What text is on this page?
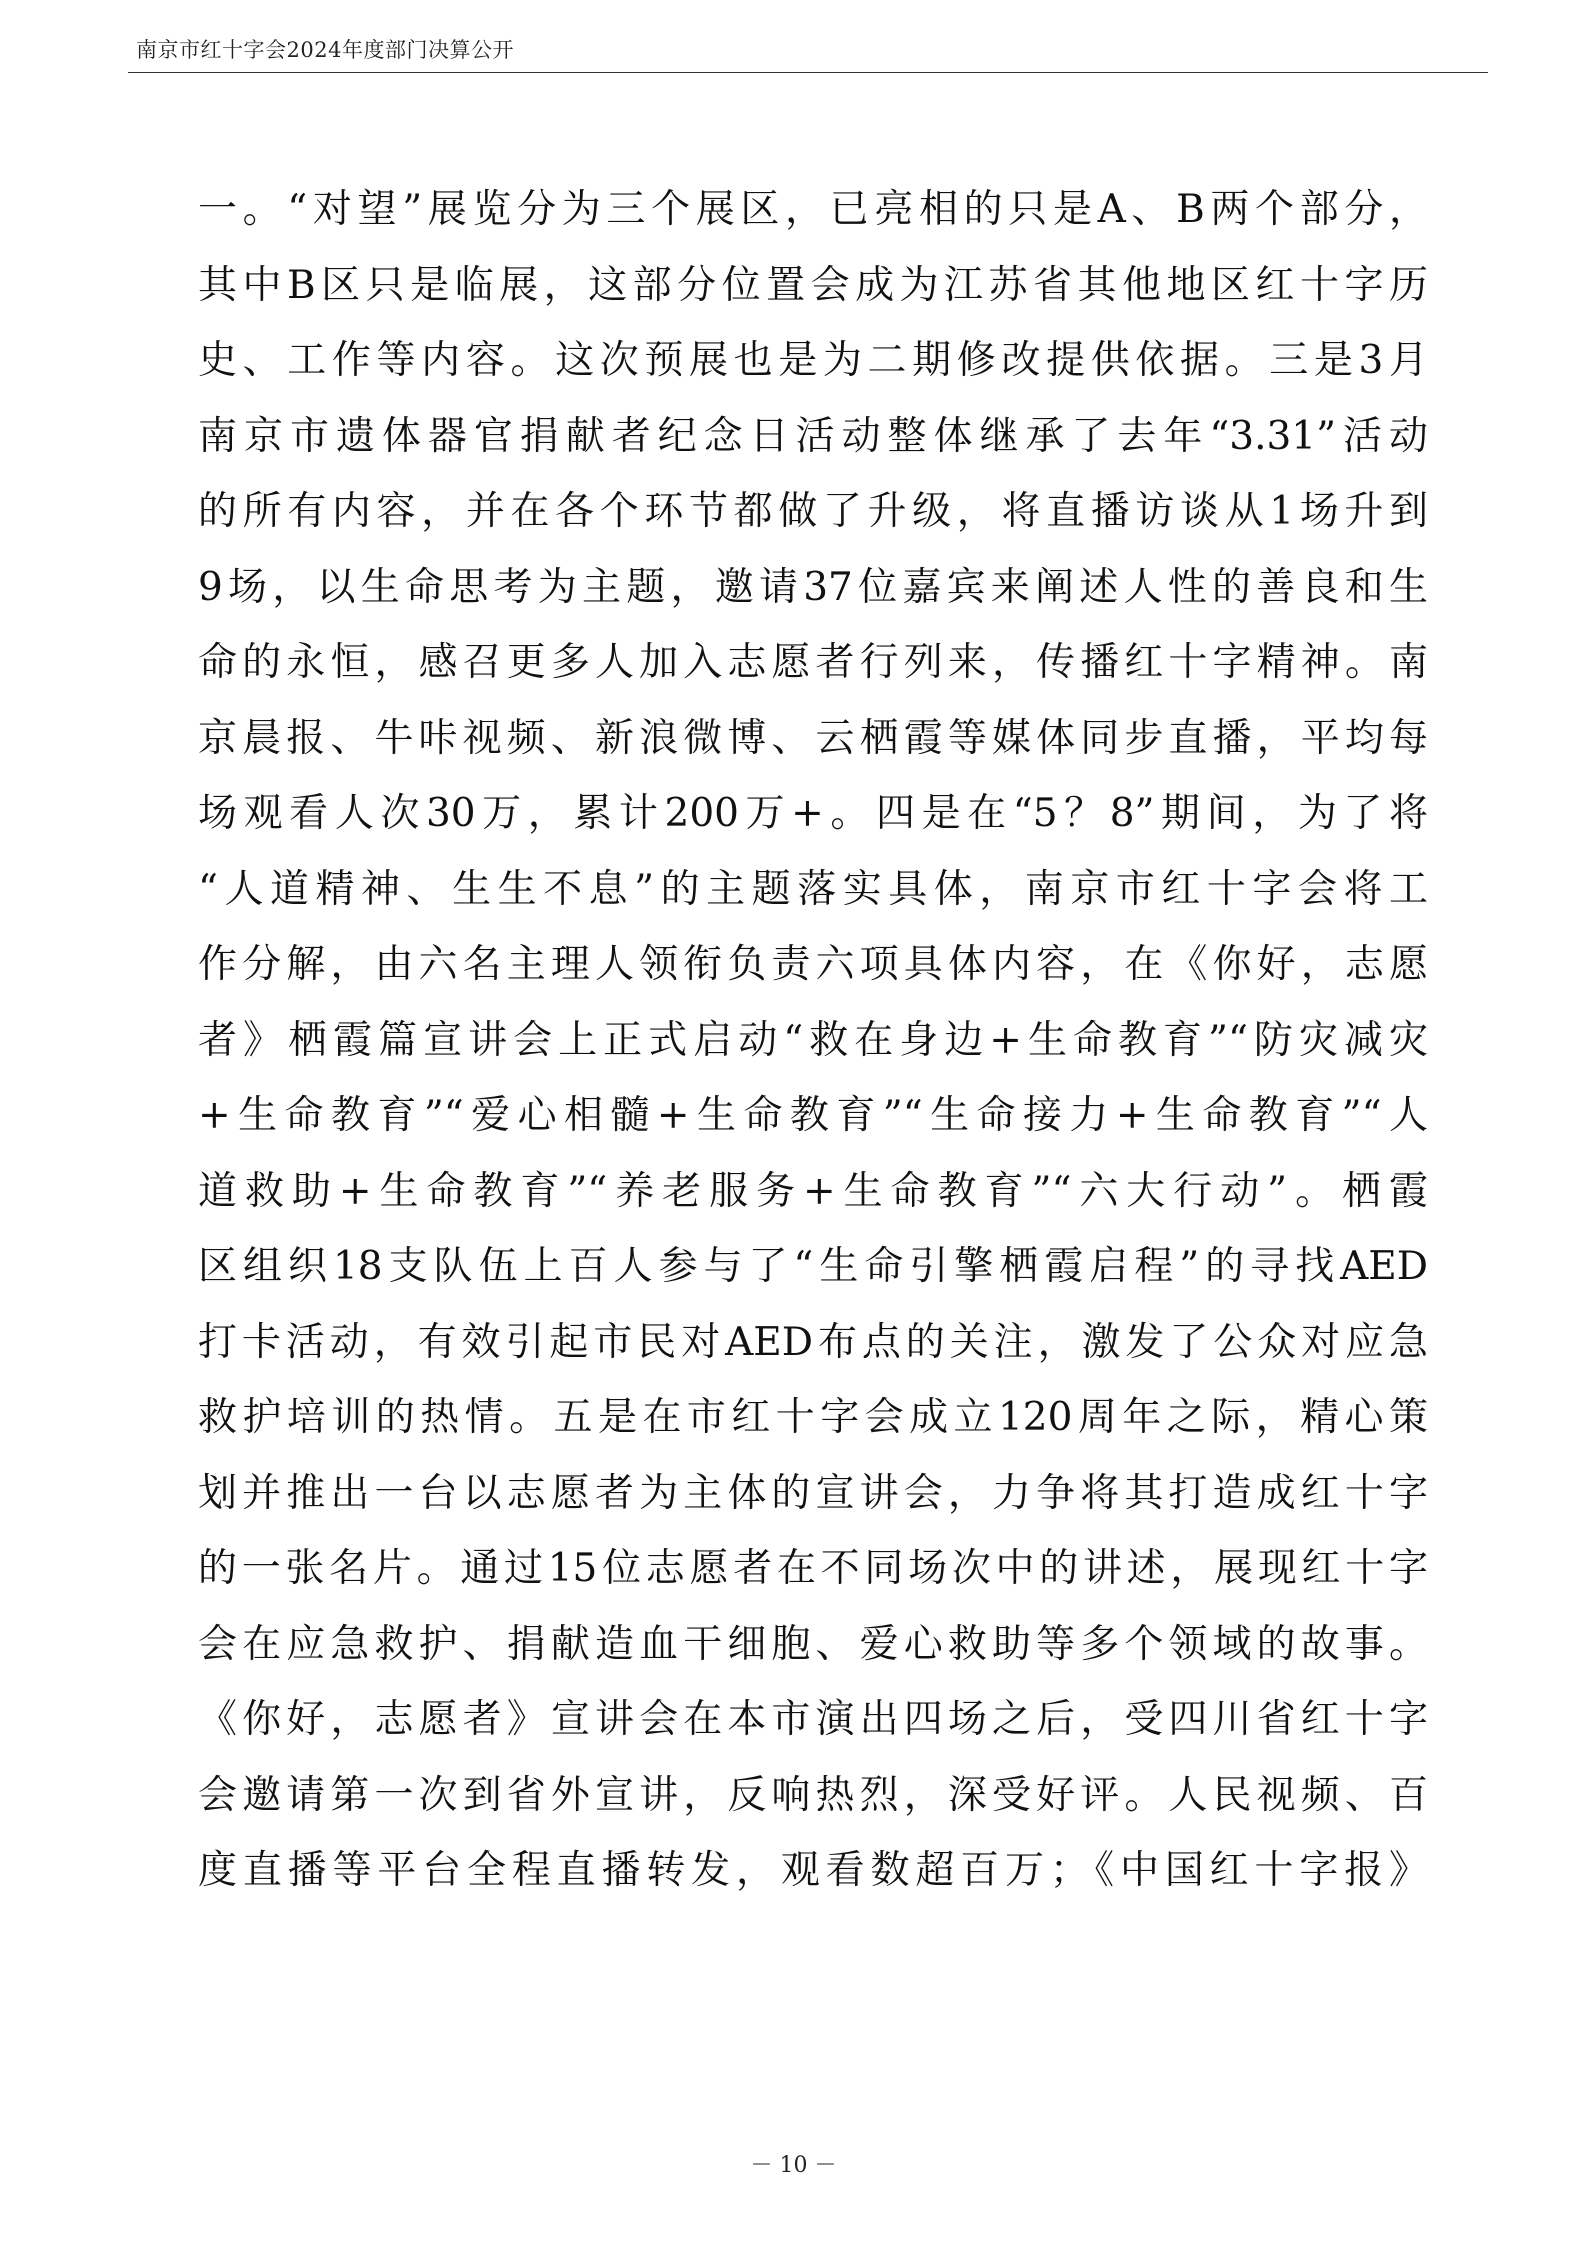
南京市红十字会2024年度部门决算公开
一。“对望”展览分为三个展区，已亮相的只是A、B两个部分，
其中B区只是临展，这部分位置会成为江苏省其他地区红十字历
史、工作等内容。这次预展也是为二期修改提供依据。三是3月
南京市遗体器官捐献者纪念日活动整体继承了去年“3.31”活动
的所有内容，并在各个环节都做了升级，将直播访谈从1场升到
9场，以生命思考为主题，邀请37位嘉宾来阐述人性的善良和生
命的永恒，感召更多人加入志愿者行列来，传播红十字精神。南
京晨报、牛咔视频、新浪微博、云栖霞等媒体同步直播，平均每
场观看人次30万，累计200万+。四是在“5？8”期间，为了将
“人道精神、生生不息”的主题落实具体，南京市红十字会将工
作分解，由六名主理人领衔负责六项具体内容，在《你好，志愿
者》栖霞篇宣讲会上正式启动“救在身边+生命教育”“防灾减灾
+生命教育”“爱心相髓+生命教育”“生命接力+生命教育”“人
道救助+生命教育”“养老服务+生命教育”“六大行动”。栖霞
区组织18支队伍上百人参与了“生命引擎栖霞启程”的寻找AED
打卡活动，有效引起市民对AED布点的关注，激发了公众对应急
救护培训的热情。五是在市红十字会成立120周年之际，精心策
划并推出一台以志愿者为主体的宣讲会，力争将其打造成红十字
的一张名片。通过15位志愿者在不同场次中的讲述，展现红十字
会在应急救护、捐献造血干细胞、爱心救助等多个领域的故事。
《你好，志愿者》宣讲会在本市演出四场之后，受四川省红十字
会邀请第一次到省外宣讲，反响热烈，深受好评。人民视频、百
度直播等平台全程直播转发，观看数超百万；《中国红十字报》
－ 10 －
